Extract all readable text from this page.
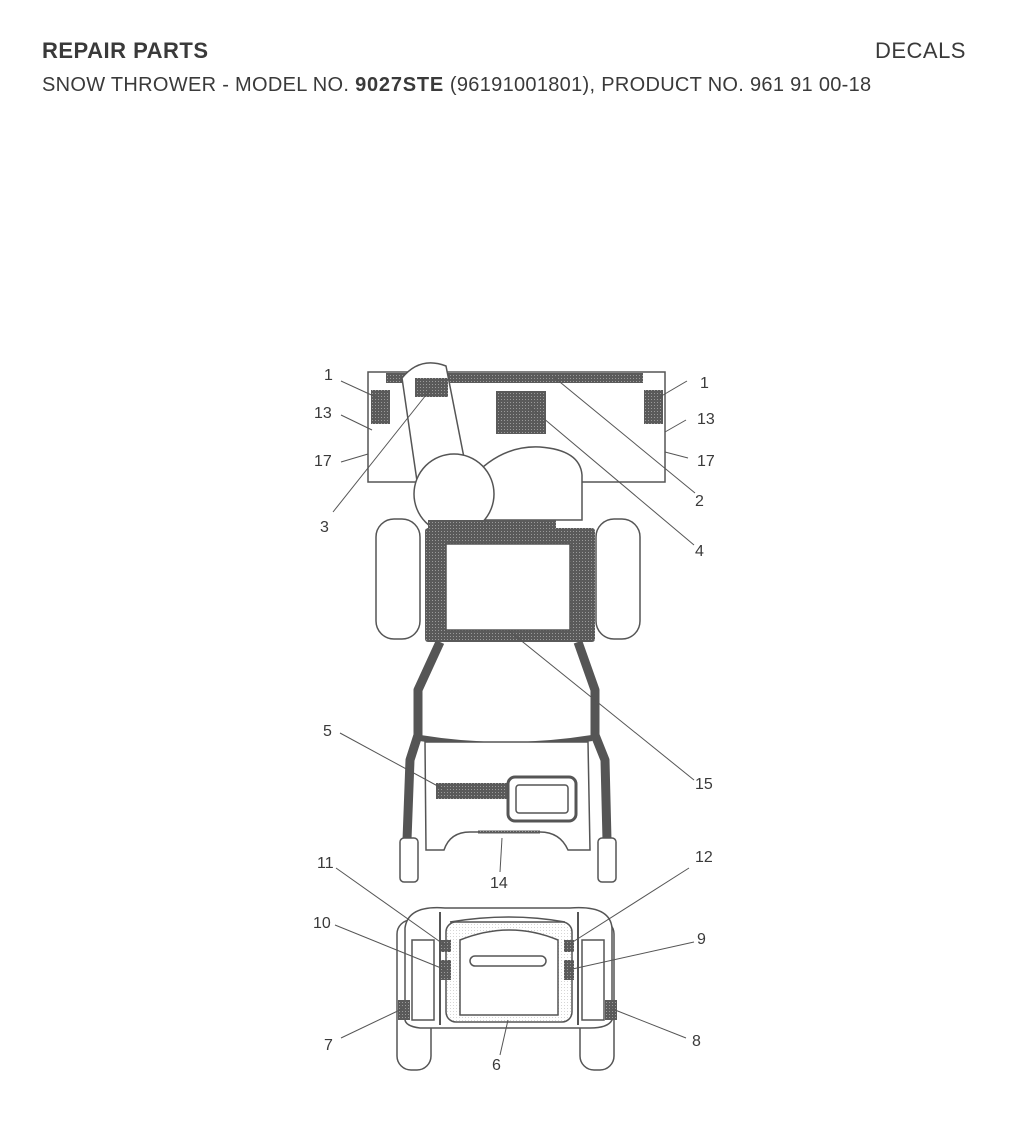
REPAIR PARTS	DECALS
SNOW THROWER - MODEL NO. 9027STE (96191001801), PRODUCT NO. 961 91 00-18
1
13
17
1
13
17
2
3
4
15
5
14
11	12
10
9
7	8
6
